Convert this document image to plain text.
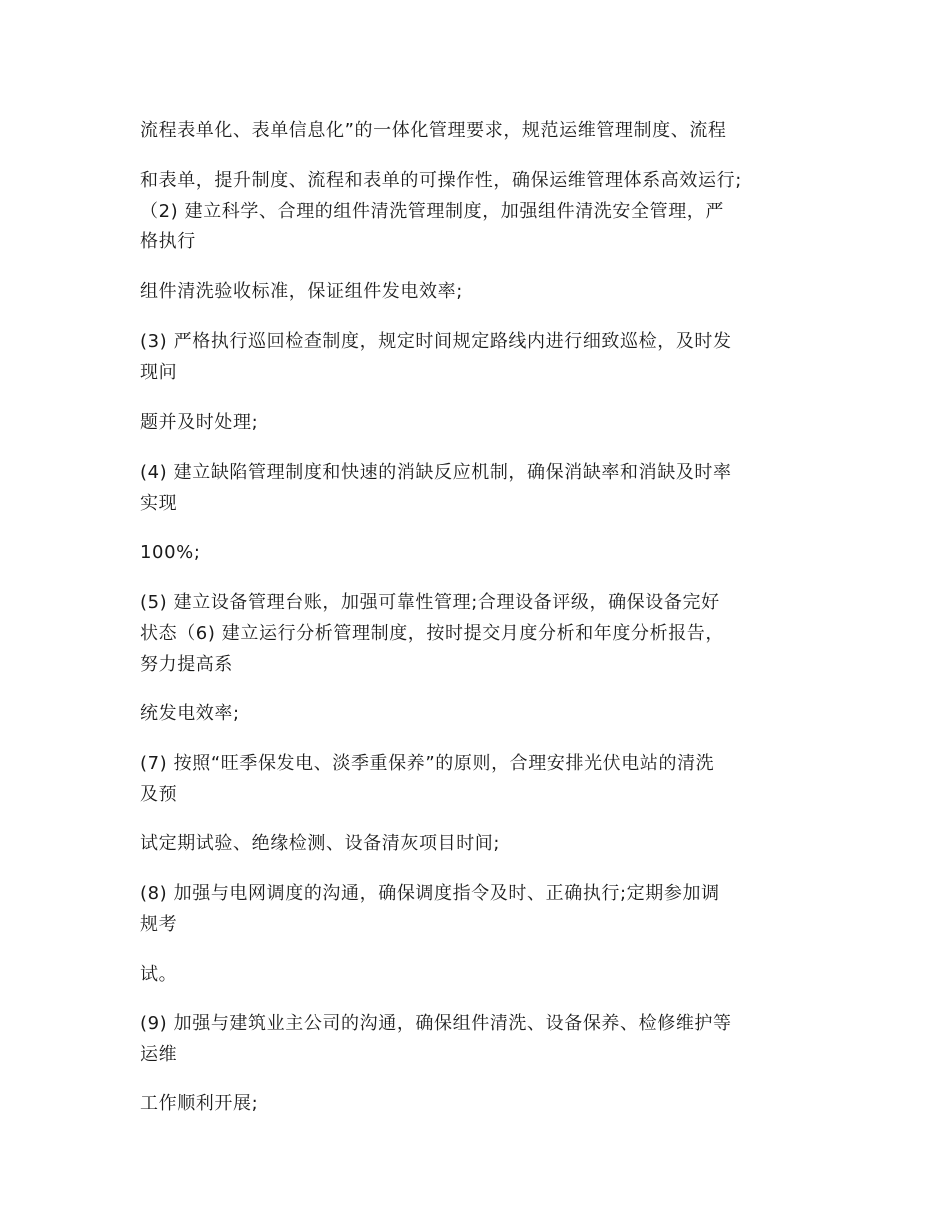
流程表单化、表单信息化”的一体化管理要求，规范运维管理制度、流程
和表单，提升制度、流程和表单的可操作性，确保运维管理体系高效运行;
（2) 建立科学、合理的组件清洗管理制度，加强组件清洗安全管理，严
格执行
组件清洗验收标准，保证组件发电效率;
(3) 严格执行巡回检查制度，规定时间规定路线内进行细致巡检，及时发
现问
题并及时处理;
(4) 建立缺陷管理制度和快速的消缺反应机制，确保消缺率和消缺及时率
实现
100%;
(5) 建立设备管理台账，加强可靠性管理;合理设备评级，确保设备完好
状态（6) 建立运行分析管理制度，按时提交月度分析和年度分析报告，
努力提高系
统发电效率;
(7) 按照“旺季保发电、淡季重保养”的原则，合理安排光伏电站的清洗
及预
试定期试验、绝缘检测、设备清灰项目时间;
(8) 加强与电网调度的沟通，确保调度指令及时、正确执行;定期参加调
规考
试。
(9) 加强与建筑业主公司的沟通，确保组件清洗、设备保养、检修维护等
运维
工作顺利开展;
